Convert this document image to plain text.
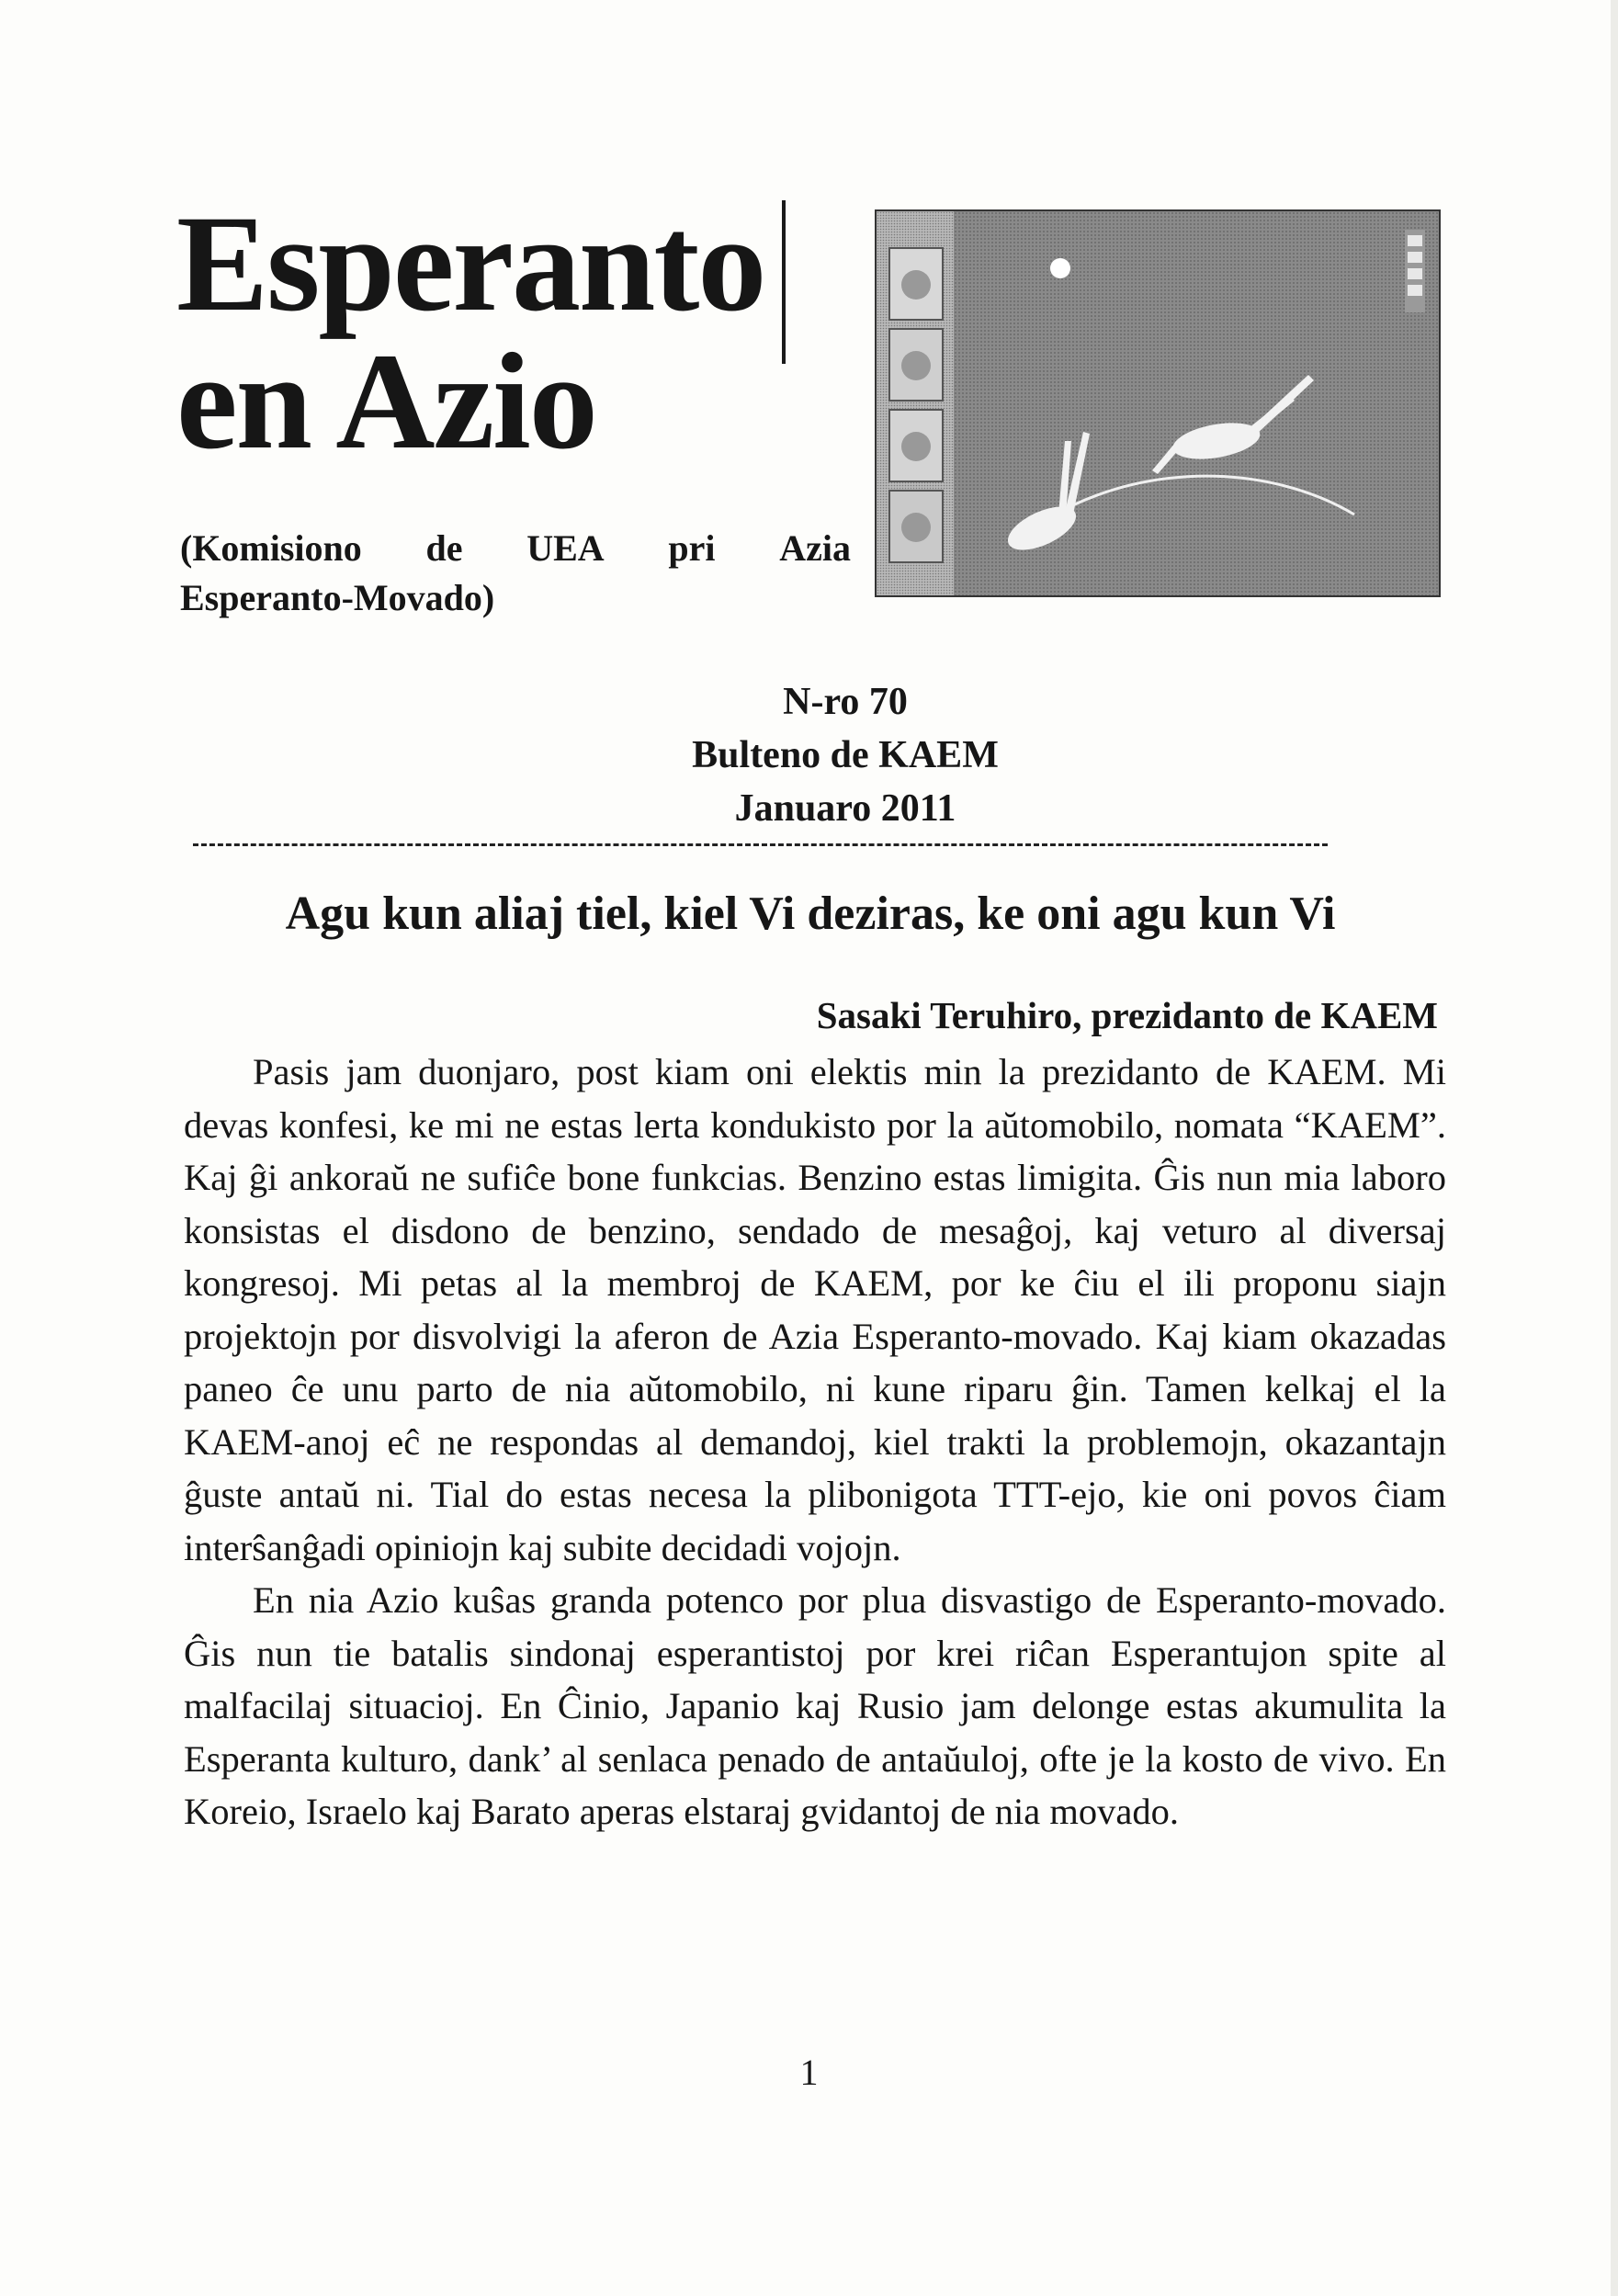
Esperanto
en Azio
(Komisiono de UEA pri Azia
Esperanto-Movado)
N-ro 70
Bulteno de KAEM
Januaro 2011
Agu kun aliaj tiel, kiel Vi deziras, ke oni agu kun Vi
Sasaki Teruhiro, prezidanto de KAEM

Pasis jam duonjaro, post kiam oni elektis min la prezidanto de KAEM. Mi devas konfesi, ke mi ne estas lerta kondukisto por la aŭtomobilo, nomata “KAEM”. Kaj ĝi ankoraŭ ne sufiĉe bone funkcias. Benzino estas limigita. Ĝis nun mia laboro konsistas el disdono de benzino, sendado de mesaĝoj, kaj veturo al diversaj kongresoj. Mi petas al la membroj de KAEM, por ke ĉiu el ili proponu siajn projektojn por disvolvigi la aferon de Azia Esperanto-movado. Kaj kiam okazadas paneo ĉe unu parto de nia aŭtomobilo, ni kune riparu ĝin. Tamen kelkaj el la KAEM-anoj eĉ ne respondas al demandoj, kiel trakti la problemojn, okazantajn ĝuste antaŭ ni. Tial do estas necesa la plibonigota TTT-ejo, kie oni povos ĉiam interŝanĝadi opiniojn kaj subite decidadi vojojn.

En nia Azio kuŝas granda potenco por plua disvastigo de Esperanto-movado. Ĝis nun tie batalis sindonaj esperantistoj por krei riĉan Esperantujon spite al malfacilaj situacioj. En Ĉinio, Japanio kaj Rusio jam delonge estas akumulita la Esperanta kulturo, dank’ al senlaca penado de antaŭuloj, ofte je la kosto de vivo. En Koreio, Israelo kaj Barato aperas elstaraj gvidantoj de nia movado.

1
